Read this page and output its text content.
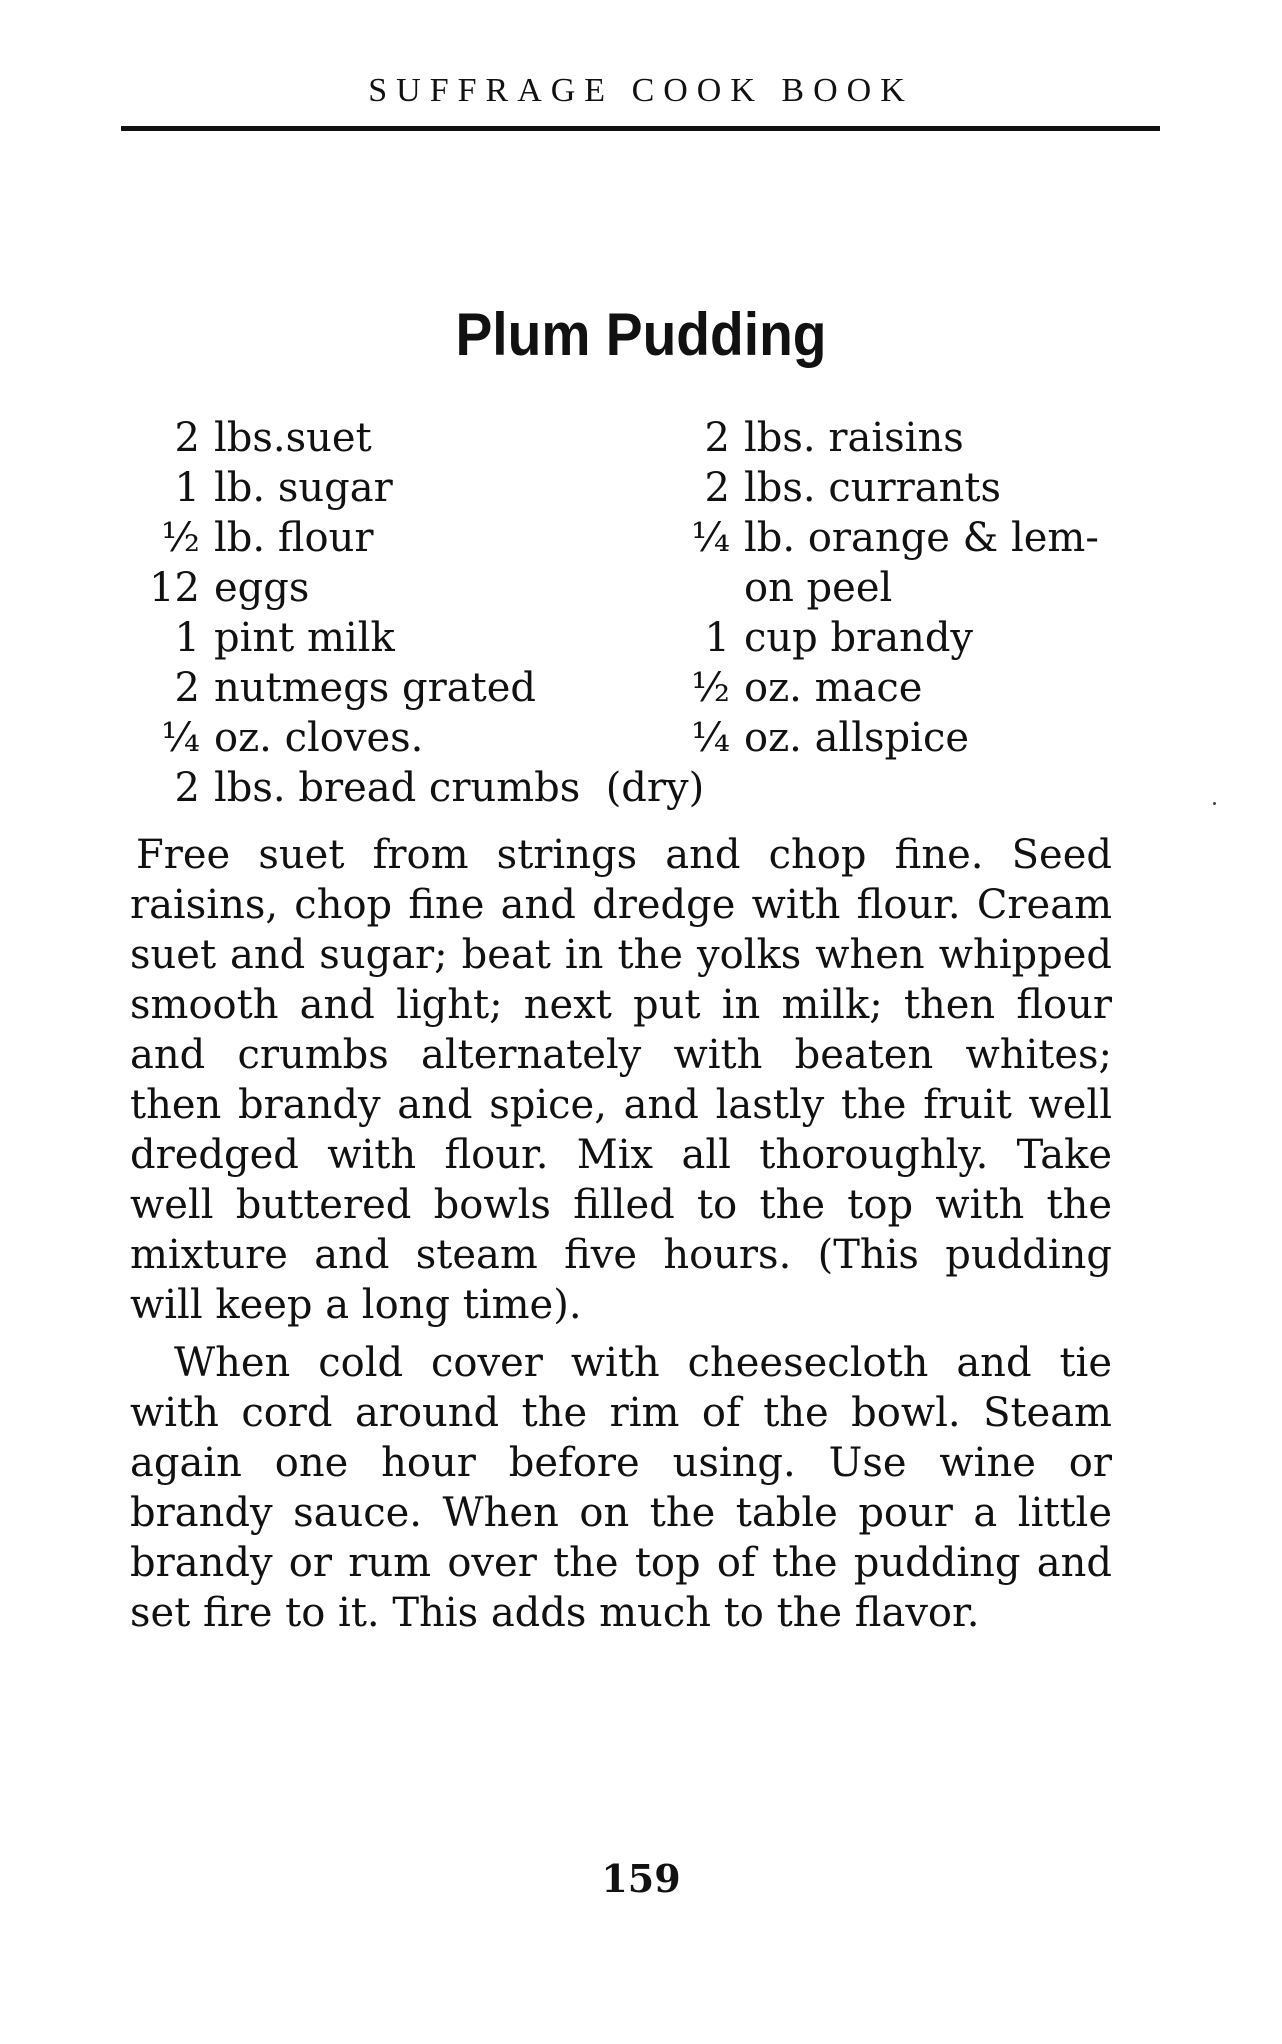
SUFFRAGE COOK BOOK
Plum Pudding
2 lbs.suet
1 lb. sugar
½ lb. flour
12 eggs
1 pint milk
2 nutmegs grated
¼ oz. cloves.
2 lbs. bread crumbs  (dry)
2 lbs. raisins
2 lbs. currants
¼ lb. orange & lem-
on peel
1 cup brandy
½ oz. mace
¼ oz. allspice

Free suet from strings and chop fine. Seed raisins, chop fine and dredge with flour. Cream suet and sugar; beat in the yolks when whipped smooth and light; next put in milk; then flour and crumbs alternately with beaten whites; then brandy and spice, and lastly the fruit well dredged with flour. Mix all thoroughly. Take well buttered bowls filled to the top with the mixture and steam five hours. (This pudding will keep a long time).

When cold cover with cheesecloth and tie with cord around the rim of the bowl. Steam again one hour before using. Use wine or brandy sauce. When on the table pour a little brandy or rum over the top of the pudding and set fire to it. This adds much to the flavor.

159
